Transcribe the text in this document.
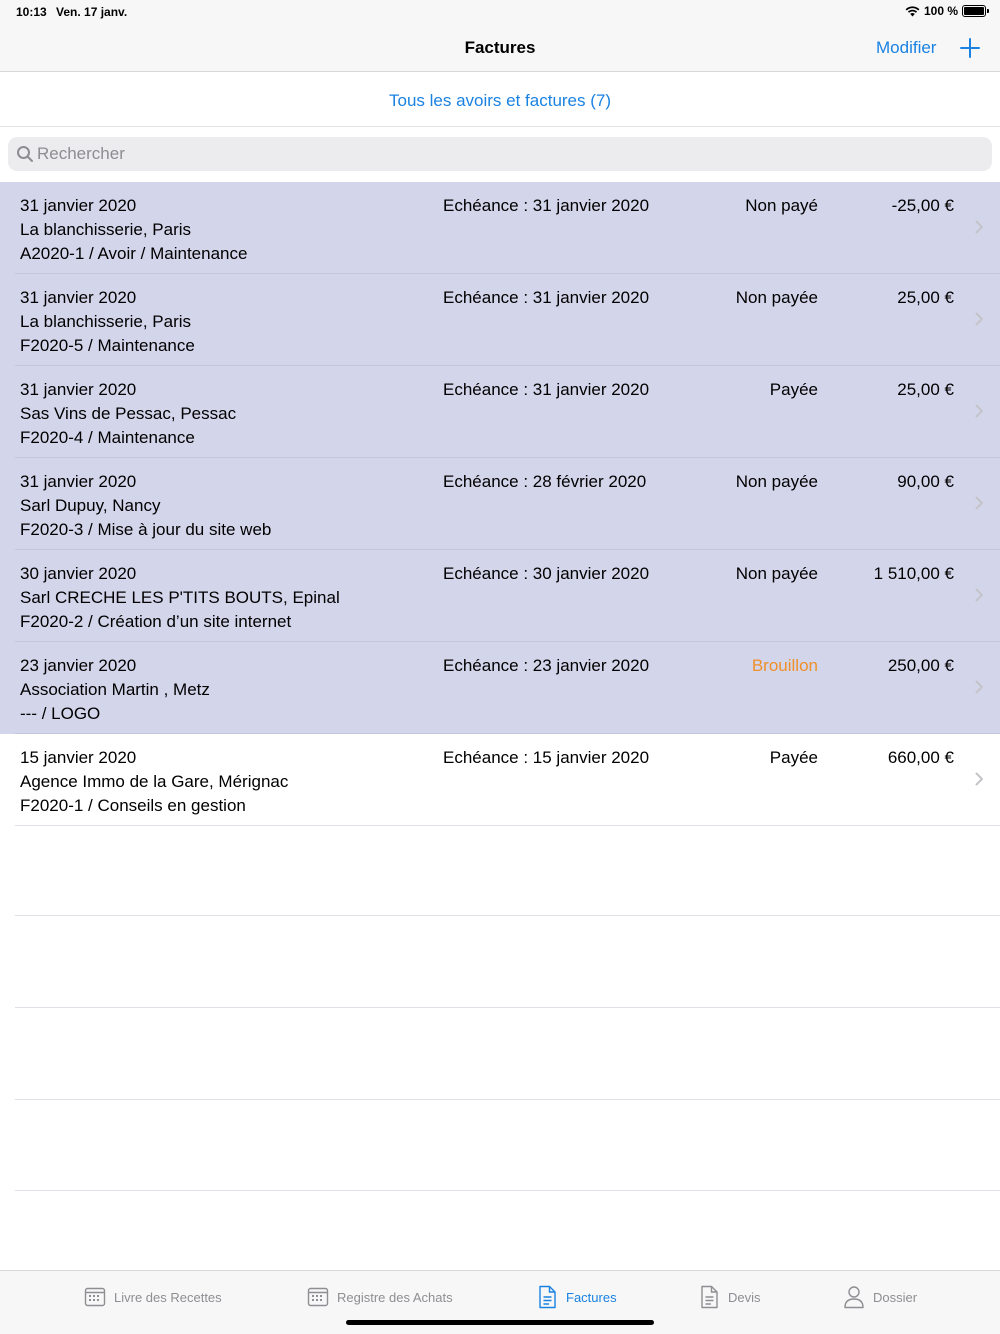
10:13 Ven. 17 janv.	100 %
Factures	Modifier
Tous les avoirs et factures (7)
Rechercher
31 janvier 2020
La blanchisserie, Paris
A2020-1 / Avoir / Maintenance
Echéance : 31 janvier 2020	Non payé	-25,00 €
31 janvier 2020
La blanchisserie, Paris
F2020-5 / Maintenance
Echéance : 31 janvier 2020	Non payée	25,00 €
31 janvier 2020
Sas Vins de Pessac, Pessac
F2020-4 / Maintenance
Echéance : 31 janvier 2020	Payée	25,00 €
31 janvier 2020
Sarl Dupuy, Nancy
F2020-3 / Mise à jour du site web
Echéance : 28 février 2020	Non payée	90,00 €
30 janvier 2020
Sarl CRECHE LES P'TITS BOUTS, Epinal
F2020-2 / Création d’un site internet
Echéance : 30 janvier 2020	Non payée	1 510,00 €
23 janvier 2020
Association Martin , Metz
--- / LOGO
Echéance : 23 janvier 2020	Brouillon	250,00 €
15 janvier 2020
Agence Immo de la Gare, Mérignac
F2020-1 / Conseils en gestion
Echéance : 15 janvier 2020	Payée	660,00 €
Livre des Recettes	Registre des Achats	Factures	Devis	Dossier
